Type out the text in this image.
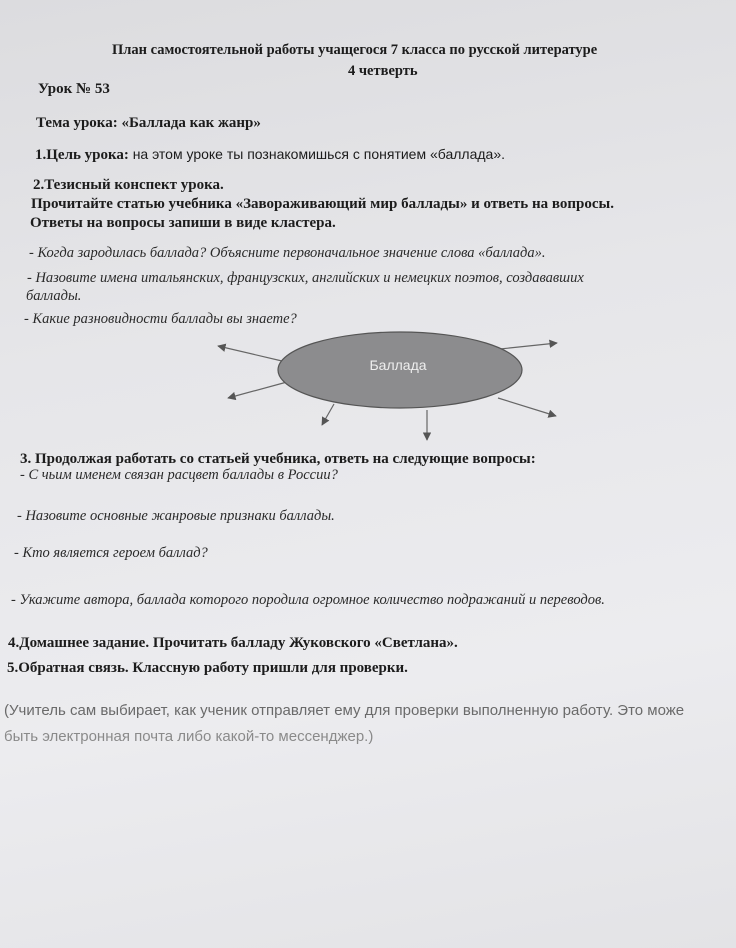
План самостоятельной работы учащегося 7 класса по русской литературе
4 четверть
Урок № 53
Тема урока: «Баллада как жанр»
1.Цель урока: на этом уроке ты познакомишься с понятием «баллада».
2.Тезисный конспект урока.
Прочитайте статью учебника «Завораживающий мир баллады» и ответь на вопросы.
Ответы на вопросы запиши в виде кластера.
- Когда зародилась баллада? Объясните первоначальное значение слова «баллада».
- Назовите имена итальянских, французских, английских и немецких поэтов, создававших
баллады.
- Какие разновидности баллады вы знаете?
Баллада
3. Продолжая работать со статьей учебника, ответь на следующие вопросы:
- С чьим именем связан расцвет баллады в России?
- Назовите основные жанровые признаки баллады.
- Кто является героем баллад?
- Укажите автора, баллада которого породила огромное количество подражаний и переводов.
4.Домашнее задание. Прочитать балладу Жуковского «Светлана».
5.Обратная связь. Классную работу пришли для проверки.
(Учитель сам выбирает, как ученик отправляет ему для проверки выполненную работу. Это може
быть электронная почта либо какой-то мессенджер.)
